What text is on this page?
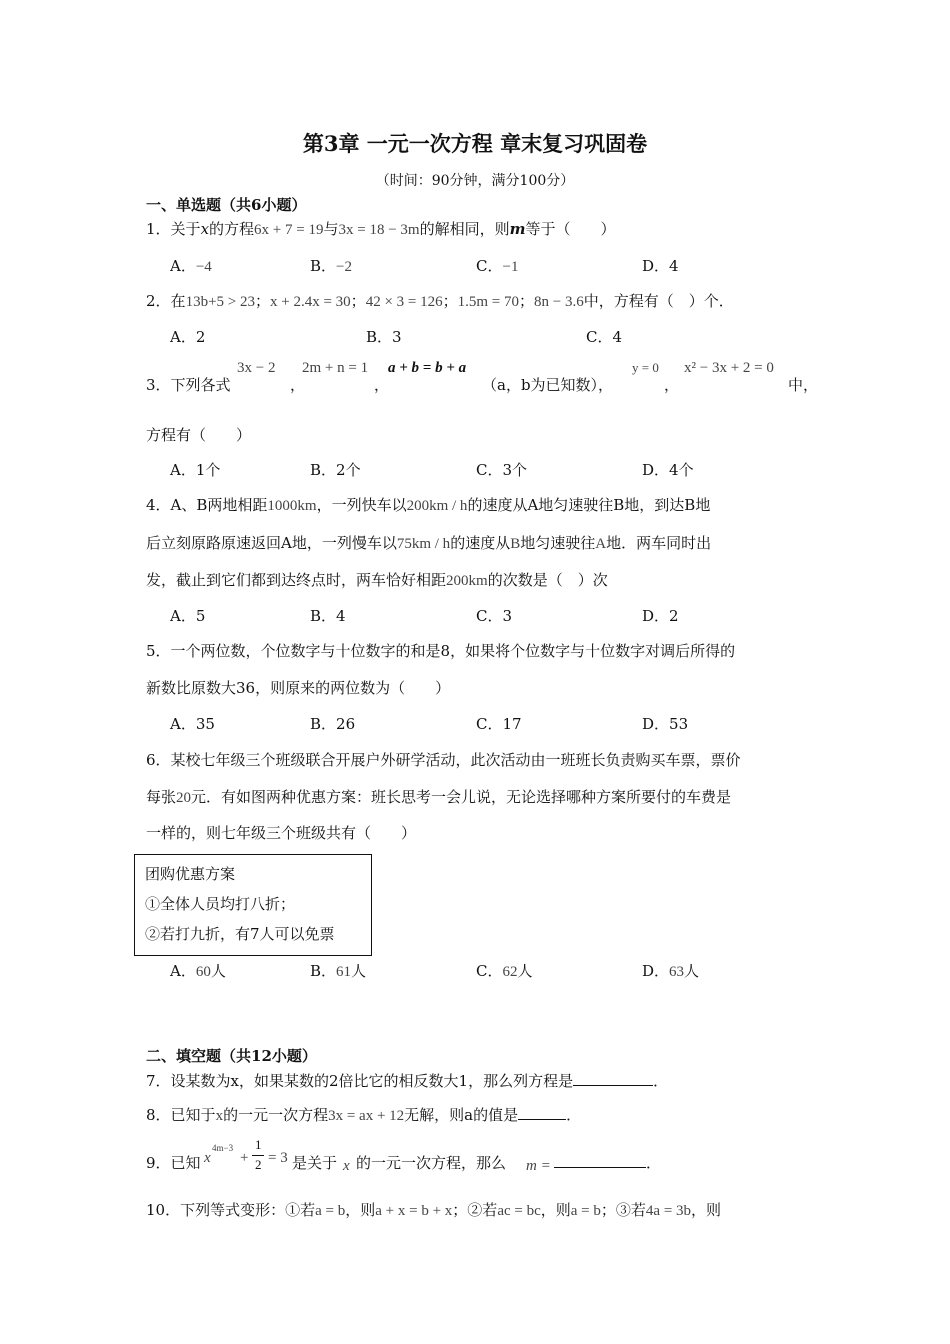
第3章 一元一次方程 章末复习巩固卷
（时间：90分钟，满分100分）
一、单选题（共6小题）
1．关于x的方程6x + 7 = 19与3x = 18 − 3m的解相同，则m等于（　　）
A．−4	B．−2	C．−1	D．4
2．在13b+5 > 23；x + 2.4x = 30；42 × 3 = 126；1.5m = 70；8n − 3.6中，方程有（　）个．
A．2	B．3	C．4
3．下列各式
3x − 2
，
2m + n = 1
，
a + b = b + a
（a，b为已知数），
y = 0
，
x² − 3x + 2 = 0
中，
方程有（　　）
A．1个	B．2个	C．3个	D．4个
4．A、B两地相距1000km，一列快车以200km / h的速度从A地匀速驶往B地，到达B地
后立刻原路原速返回A地，一列慢车以75km / h的速度从B地匀速驶往A地．两车同时出
发，截止到它们都到达终点时，两车恰好相距200km的次数是（　）次
A．5	B．4	C．3	D．2
5．一个两位数，个位数字与十位数字的和是8，如果将个位数字与十位数字对调后所得的
新数比原数大36，则原来的两位数为（　　）
A．35	B．26	C．17	D．53
6．某校七年级三个班级联合开展户外研学活动，此次活动由一班班长负责购买车票，票价
每张20元．有如图两种优惠方案：班长思考一会儿说，无论选择哪种方案所要付的车费是
一样的，则七年级三个班级共有（　　）
团购优惠方案
①全体人员均打八折；
②若打九折，有7人可以免票
A．60人	B．61人	C．62人	D．63人
二、填空题（共12小题）
7．设某数为x，如果某数的2倍比它的相反数大1，那么列方程是	．
8．已知于x的一元一次方程3x = ax + 12无解，则a的值是	．
9．已知 x
4m−3
+
1
2 = 3 是关于 x 的一元一次方程，那么 m =	．
10．下列等式变形：①若a = b，则a + x = b + x；②若ac = bc，则a = b；③若4a = 3b，则
